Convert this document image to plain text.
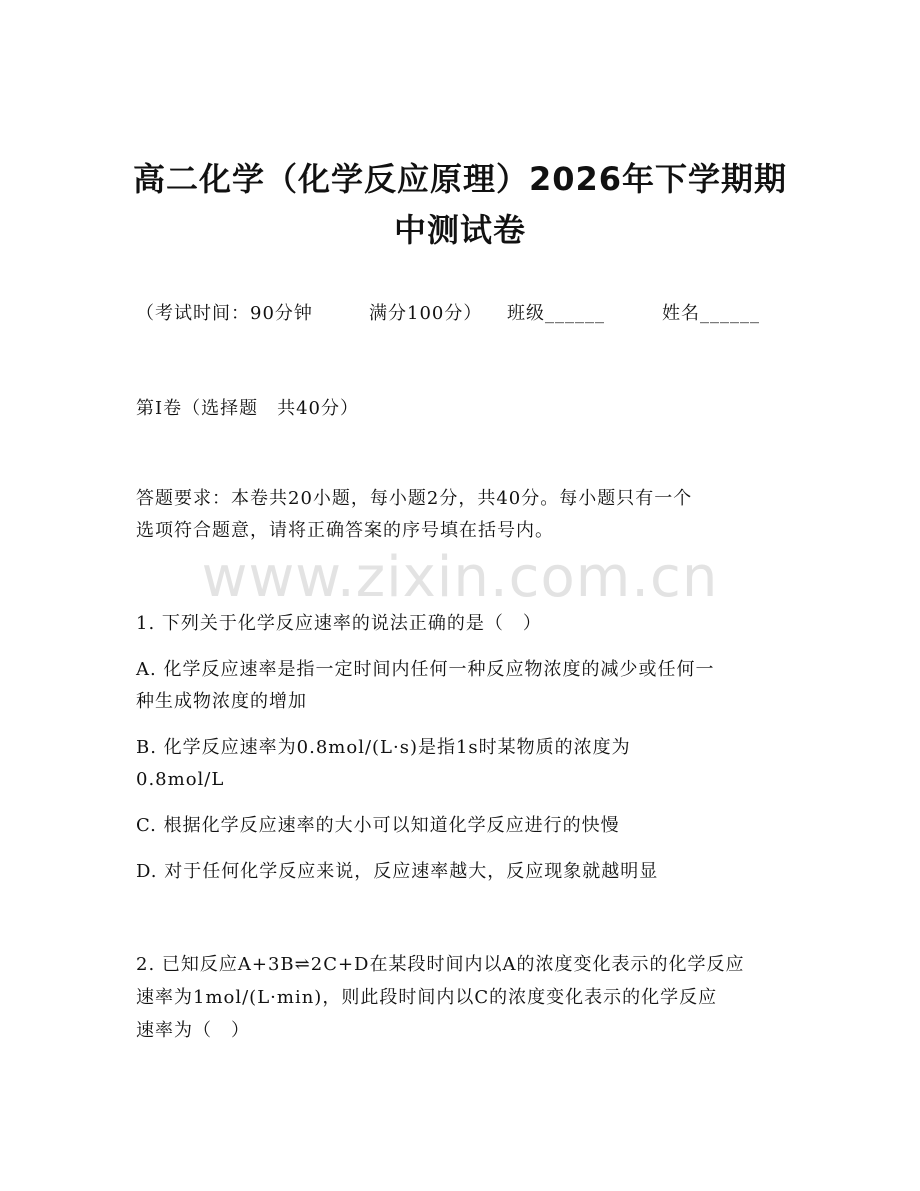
高二化学（化学反应原理）2026年下学期期
中测试卷
（考试时间：90分钟	满分100分）	班级______	姓名______
第Ⅰ卷（选择题　共40分）
答题要求：本卷共20小题，每小题2分，共40分。每小题只有一个
选项符合题意，请将正确答案的序号填在括号内。
www.zixin.com.cn
1. 下列关于化学反应速率的说法正确的是（　）
A. 化学反应速率是指一定时间内任何一种反应物浓度的减少或任何一
种生成物浓度的增加
B. 化学反应速率为0.8mol/(L·s)是指1s时某物质的浓度为
0.8mol/L
C. 根据化学反应速率的大小可以知道化学反应进行的快慢
D. 对于任何化学反应来说，反应速率越大，反应现象就越明显
2. 已知反应A+3B⇌2C+D在某段时间内以A的浓度变化表示的化学反应
速率为1mol/(L·min)，则此段时间内以C的浓度变化表示的化学反应
速率为（　）
